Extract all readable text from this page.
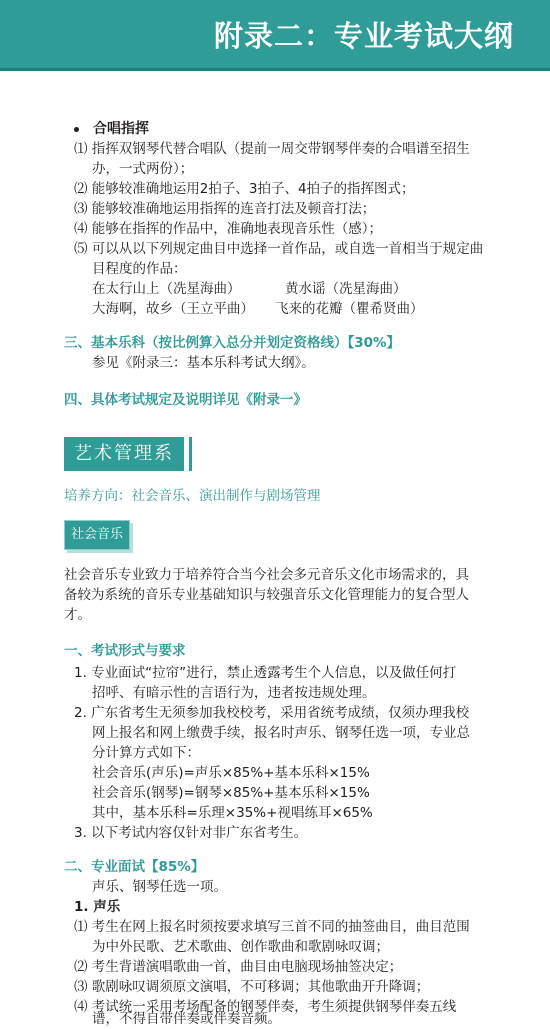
附录二：专业考试大纲
合唱指挥
⑴ 指挥双钢琴代替合唱队（提前一周交带钢琴伴奏的合唱谱至招生
办，一式两份）；
⑵ 能够较准确地运用2拍子、3拍子、4拍子的指挥图式；
⑶ 能够较准确地运用指挥的连音打法及顿音打法；
⑷ 能够在指挥的作品中，准确地表现音乐性（感）；
⑸ 可以从以下列规定曲目中选择一首作品，或自选一首相当于规定曲
目程度的作品：
在太行山上（冼星海曲）	黄水谣（冼星海曲）
大海啊，故乡（王立平曲） 飞来的花瓣（瞿希贤曲）
三、基本乐科（按比例算入总分并划定资格线）【30%】
参见《附录三：基本乐科考试大纲》。
四、具体考试规定及说明详见《附录一》
艺术管理系
培养方向：社会音乐、演出制作与剧场管理
社会音乐
社会音乐专业致力于培养符合当今社会多元音乐文化市场需求的，具
备较为系统的音乐专业基础知识与较强音乐文化管理能力的复合型人
才。
一、考试形式与要求
1. 专业面试“拉帘”进行，禁止透露考生个人信息，以及做任何打
招呼、有暗示性的言语行为，违者按违规处理。
2. 广东省考生无须参加我校校考，采用省统考成绩，仅须办理我校
网上报名和网上缴费手续，报名时声乐、钢琴任选一项，专业总
分计算方式如下：
社会音乐(声乐)=声乐×85%+基本乐科×15%
社会音乐(钢琴)=钢琴×85%+基本乐科×15%
其中，基本乐科=乐理×35%+视唱练耳×65%
3. 以下考试内容仅针对非广东省考生。
二、专业面试【85%】
声乐、钢琴任选一项。
1. 声乐
⑴ 考生在网上报名时须按要求填写三首不同的抽签曲目，曲目范围
为中外民歌、艺术歌曲、创作歌曲和歌剧咏叹调；
⑵ 考生背谱演唱歌曲一首，曲目由电脑现场抽签决定；
⑶ 歌剧咏叹调须原文演唱，不可移调；其他歌曲开升降调；
⑷ 考试统一采用考场配备的钢琴伴奏，考生须提供钢琴伴奏五线
谱，不得自带伴奏或伴奏音频。
